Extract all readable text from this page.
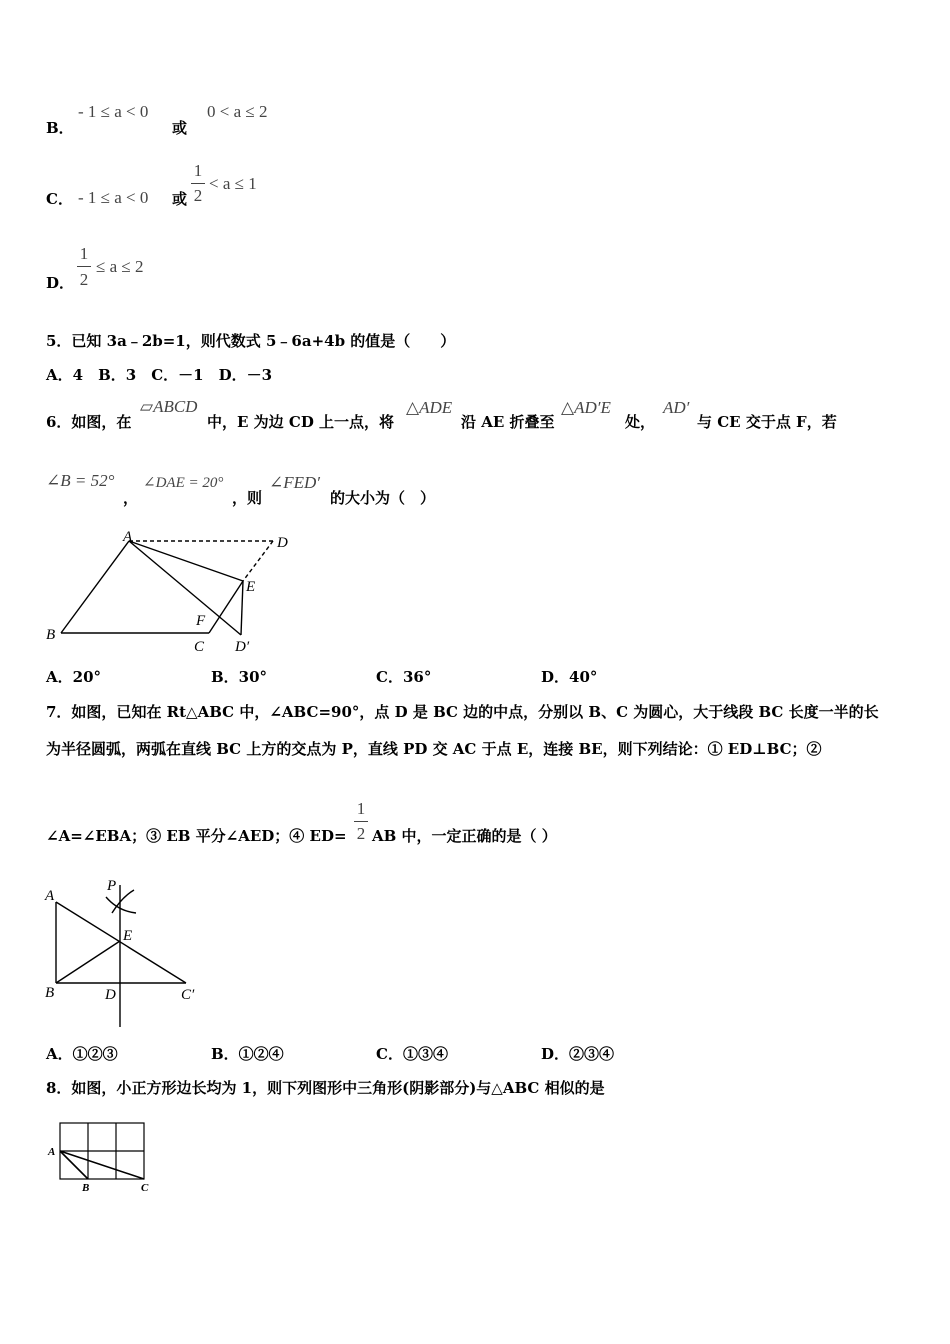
B．
- 1 ≤ a < 0
或
0 < a ≤ 2
C． - 1 ≤ a < 0 或
1
2
< a ≤ 1
D．
1
2
≤ a ≤ 2
5．已知 3a﹣2b=1，则代数式 5﹣6a+4b 的值是（　　）
A．4　B．3　C．－1　D．－3
6．如图，在
▱ABCD
中，E 为边 CD 上一点，将
△ADE
沿 AE 折叠至
△AD′E
处，
AD′
与 CE 交于点 F，若
∠B = 52°
，
∠DAE = 20°
，则
∠FED′
的大小为（　）
A	D
E
F
B
C D′
A．20°	B．30°	C．36°	D．40°
7．如图，已知在 Rt△ABC 中，∠ABC=90°，点 D 是 BC 边的中点，分别以 B、C 为圆心，大于线段 BC 长度一半的长
为半径圆弧，两弧在直线 BC 上方的交点为 P，直线 PD 交 AC 于点 E，连接 BE，则下列结论：① ED⊥BC；②
∠A=∠EBA；③ EB 平分∠AED；④ ED=
1
2 AB 中，一定正确的是（ ）
A
P
E
B	D	C′
A．①②③	B．①②④	C．①③④	D．②③④
8．如图，小正方形边长均为 1，则下列图形中三角形(阴影部分)与△ABC 相似的是
A
B	C
